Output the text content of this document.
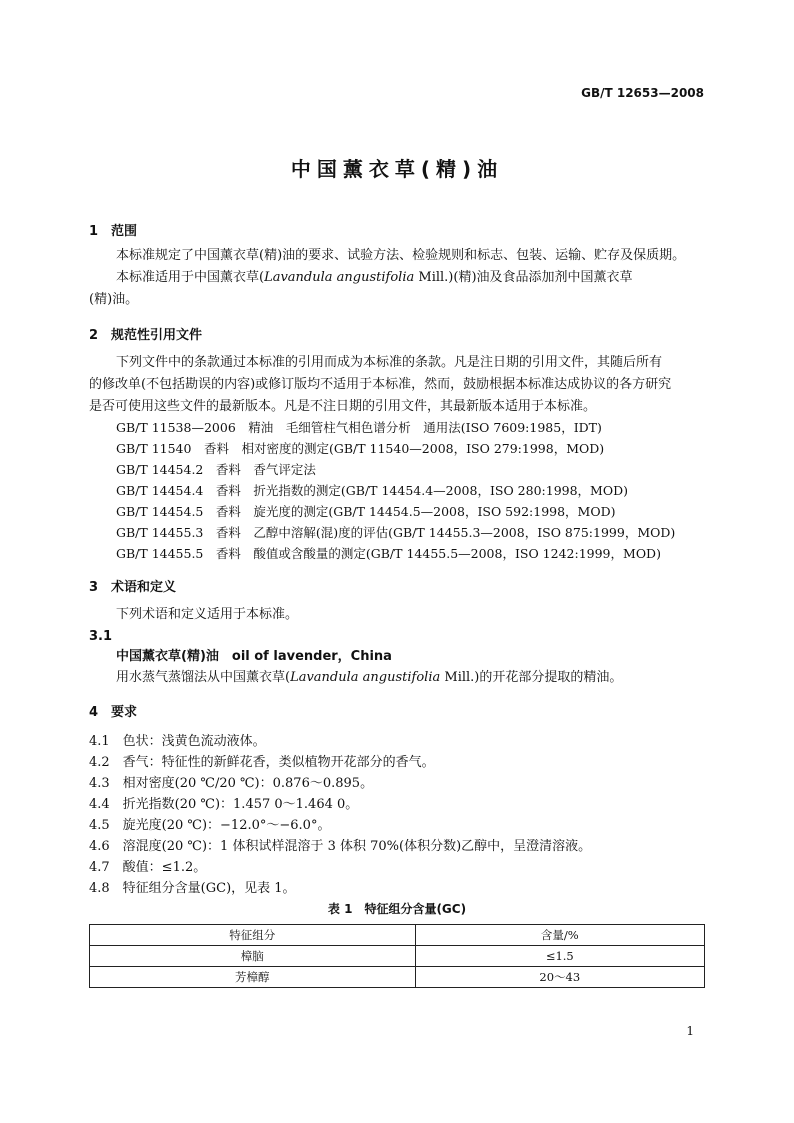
GB/T 12653—2008
中国薰衣草(精)油
1　范围
本标准规定了中国薰衣草(精)油的要求、试验方法、检验规则和标志、包装、运输、贮存及保质期。
本标准适用于中国薰衣草(Lavandula angustifolia Mill.)(精)油及食品添加剂中国薰衣草
(精)油。
2　规范性引用文件
下列文件中的条款通过本标准的引用而成为本标准的条款。凡是注日期的引用文件，其随后所有
的修改单(不包括勘误的内容)或修订版均不适用于本标准，然而，鼓励根据本标准达成协议的各方研究
是否可使用这些文件的最新版本。凡是不注日期的引用文件，其最新版本适用于本标准。
GB/T 11538—2006　精油　毛细管柱气相色谱分析　通用法(ISO 7609:1985，IDT)
GB/T 11540　香料　相对密度的测定(GB/T 11540—2008，ISO 279:1998，MOD)
GB/T 14454.2　香料　香气评定法
GB/T 14454.4　香料　折光指数的测定(GB/T 14454.4—2008，ISO 280:1998，MOD)
GB/T 14454.5　香料　旋光度的测定(GB/T 14454.5—2008，ISO 592:1998，MOD)
GB/T 14455.3　香料　乙醇中溶解(混)度的评估(GB/T 14455.3—2008，ISO 875:1999，MOD)
GB/T 14455.5　香料　酸值或含酸量的测定(GB/T 14455.5—2008，ISO 1242:1999，MOD)
3　术语和定义
下列术语和定义适用于本标准。
3.1
中国薰衣草(精)油　oil of lavender，China
用水蒸气蒸馏法从中国薰衣草(Lavandula angustifolia Mill.)的开花部分提取的精油。
4　要求
4.1　色状：浅黄色流动液体。
4.2　香气：特征性的新鲜花香，类似植物开花部分的香气。
4.3　相对密度(20 ℃/20 ℃)：0.876～0.895。
4.4　折光指数(20 ℃)：1.457 0～1.464 0。
4.5　旋光度(20 ℃)：−12.0°～−6.0°。
4.6　溶混度(20 ℃)：1 体积试样混溶于 3 体积 70%(体积分数)乙醇中，呈澄清溶液。
4.7　酸值：≤1.2。
4.8　特征组分含量(GC)，见表 1。
表 1　特征组分含量(GC)
特征组分	含量/%
樟脑	≤1.5
芳樟醇	20～43
1
